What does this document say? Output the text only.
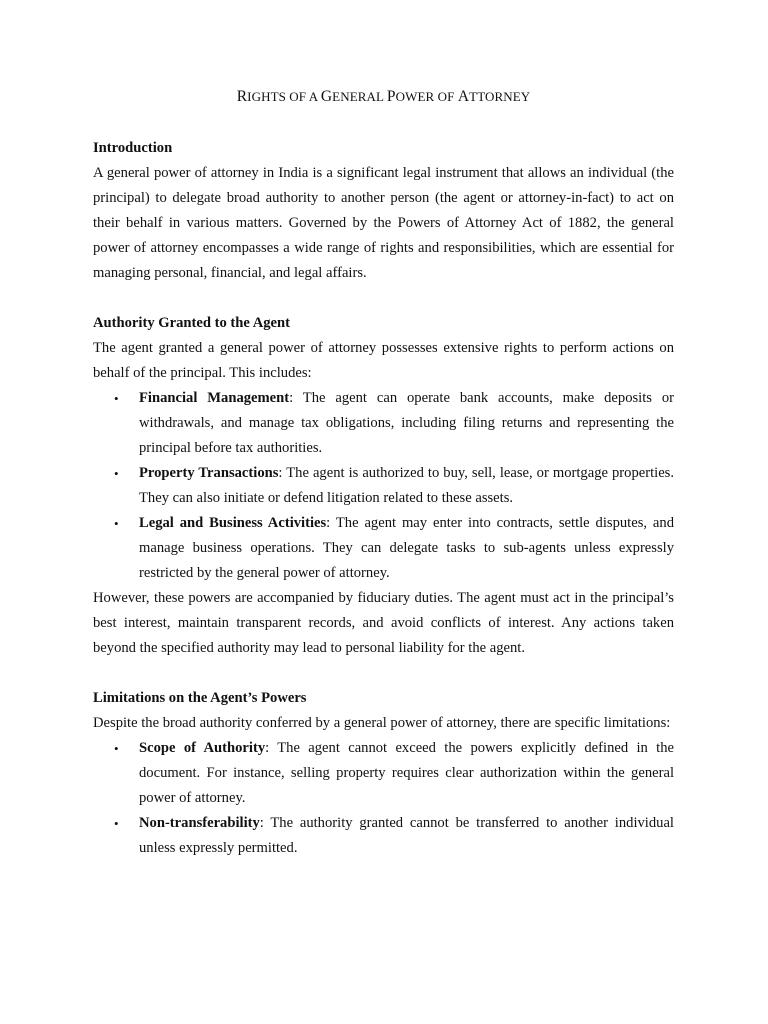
RIGHTS OF A GENERAL POWER OF ATTORNEY
Introduction

A general power of attorney in India is a significant legal instrument that allows an individual (the principal) to delegate broad authority to another person (the agent or attorney-in-fact) to act on their behalf in various matters. Governed by the Powers of Attorney Act of 1882, the general power of attorney encompasses a wide range of rights and responsibilities, which are essential for managing personal, financial, and legal affairs.

Authority Granted to the Agent

The agent granted a general power of attorney possesses extensive rights to perform actions on behalf of the principal. This includes:

• Financial Management: The agent can operate bank accounts, make deposits or withdrawals, and manage tax obligations, including filing returns and representing the principal before tax authorities.
• Property Transactions: The agent is authorized to buy, sell, lease, or mortgage properties. They can also initiate or defend litigation related to these assets.
• Legal and Business Activities: The agent may enter into contracts, settle disputes, and manage business operations. They can delegate tasks to sub-agents unless expressly restricted by the general power of attorney.

However, these powers are accompanied by fiduciary duties. The agent must act in the principal’s best interest, maintain transparent records, and avoid conflicts of interest. Any actions taken beyond the specified authority may lead to personal liability for the agent.

Limitations on the Agent’s Powers

Despite the broad authority conferred by a general power of attorney, there are specific limitations:

• Scope of Authority: The agent cannot exceed the powers explicitly defined in the document. For instance, selling property requires clear authorization within the general power of attorney.
• Non-transferability: The authority granted cannot be transferred to another individual unless expressly permitted.
